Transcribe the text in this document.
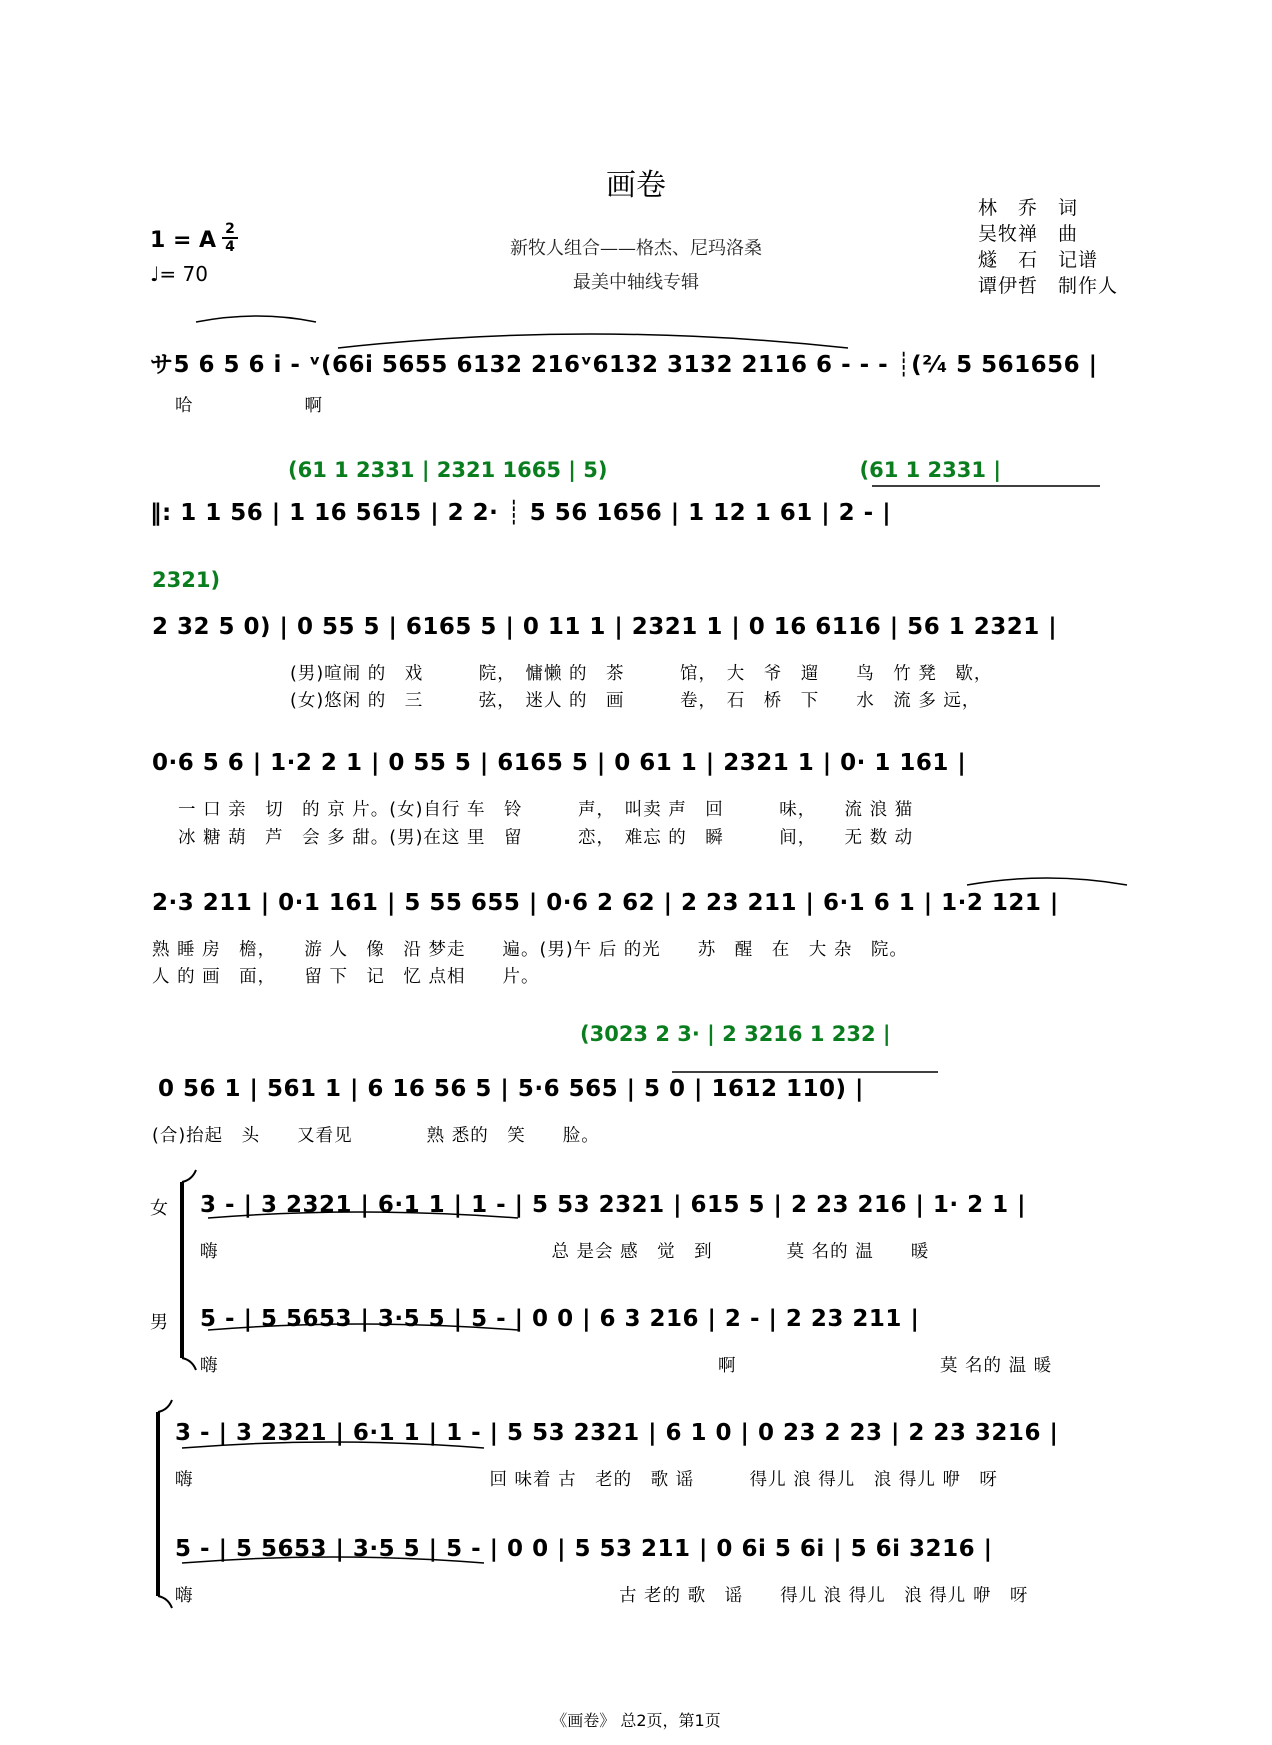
画卷
新牧人组合——格杰、尼玛洛桑
最美中轴线专辑
林　乔　词
吴牧禅　曲
燧　石　记谱
谭伊哲　制作人
1 = A 2
4
♩= 70
サ5 6 5 6 i̇ - ᵛ(66i̇ 5655 6132 216ᵛ6132 3132 2116 6 - - - ┊(²⁄₄ 5 561656 |
哈　　　　　　啊
(61 1 2331 | 2321 1665 | 5)　　　　　　　　　　　　(61 1 2331 |
‖: 1 1 56 | 1 16 5615 | 2 2· ┊ 5 56 1656 | 1 12 1 61 | 2 - |
2321)
2 32 5 0) | 0 55 5 | 6165 5 | 0 11 1 | 2321 1 | 0 16 6116 | 56 1 2321 |
(男)喧闹 的　戏　　　院，　慵懒 的　茶　　　馆，　大　爷　遛　　鸟　竹 凳　歇，
(女)悠闲 的　三　　　弦，　迷人 的　画　　　卷，　石　桥　下　　水　流 多 远，
0·6 5 6 | 1·2 2 1 | 0 55 5 | 6165 5 | 0 61 1 | 2321 1 | 0· 1 161 |
一 口 亲　切　的 京 片。(女)自行 车　铃　　　声，　叫卖 声　回　　　味，　　流 浪 猫
冰 糖 葫　芦　会 多 甜。(男)在这 里　留　　　恋，　难忘 的　瞬　　　间，　　无 数 动
2·3 211 | 0·1 161 | 5 55 655 | 0·6 2 62 | 2 23 211 | 6·1 6 1 | 1·2 121 |
熟 睡 房　檐，　　游 人　像　沿 梦走　　遍。(男)午 后 的光　　苏　醒　在　大 杂　院。
人 的 画　面，　　留 下　记　忆 点相　　片。
(3023 2 3· | 2 3216 1 232 |
0 56 1 | 561 1 | 6 16 56 5 | 5·6 565 | 5 0 | 1612 110) |
(合)抬起　头　　又看见　　　　熟 悉的　笑　　脸。
女 3 - | 3 2321 | 6·1 1 | 1 - | 5 53 2321 | 615 5 | 2 23 216 | 1· 2 1 |
嗨　　　　　　　　　　　　　　　　　　总 是会 感　觉　到　　　　莫 名的 温　　暖
男 5 - | 5 5653 | 3·5 5 | 5 - | 0 0 | 6 3 216 | 2 - | 2 23 211 |
嗨　　　　　　　　　　　　　　　　　　　　　　　　　　　啊　　　　　　　　　　　莫 名的 温 暖
3 - | 3 2321 | 6·1 1 | 1 - | 5 53 2321 | 6 1 0 | 0 23 2 23 | 2 23 3216 |
嗨　　　　　　　　　　　　　　　　回 味着 古　老的　歌 谣　　　得儿 浪 得儿　浪 得儿 咿　呀
5 - | 5 5653 | 3·5 5 | 5 - | 0 0 | 5 53 211 | 0 6i 5 6i | 5 6i 3216 |
嗨　　　　　　　　　　　　　　　　　　　　　　　古 老的 歌　谣　　得儿 浪 得儿　浪 得儿 咿　呀
《画卷》 总2页，第1页
